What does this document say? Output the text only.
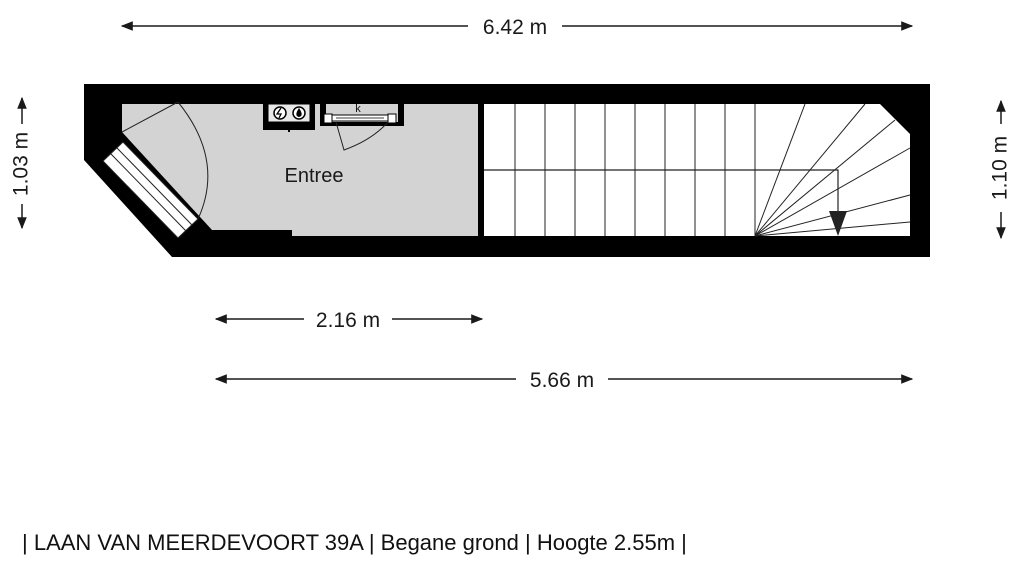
k
Entree
6.42 m
1.03 m	1.10 m
2.16 m
5.66 m
| LAAN VAN MEERDEVOORT 39A | Begane grond | Hoogte 2.55m |
